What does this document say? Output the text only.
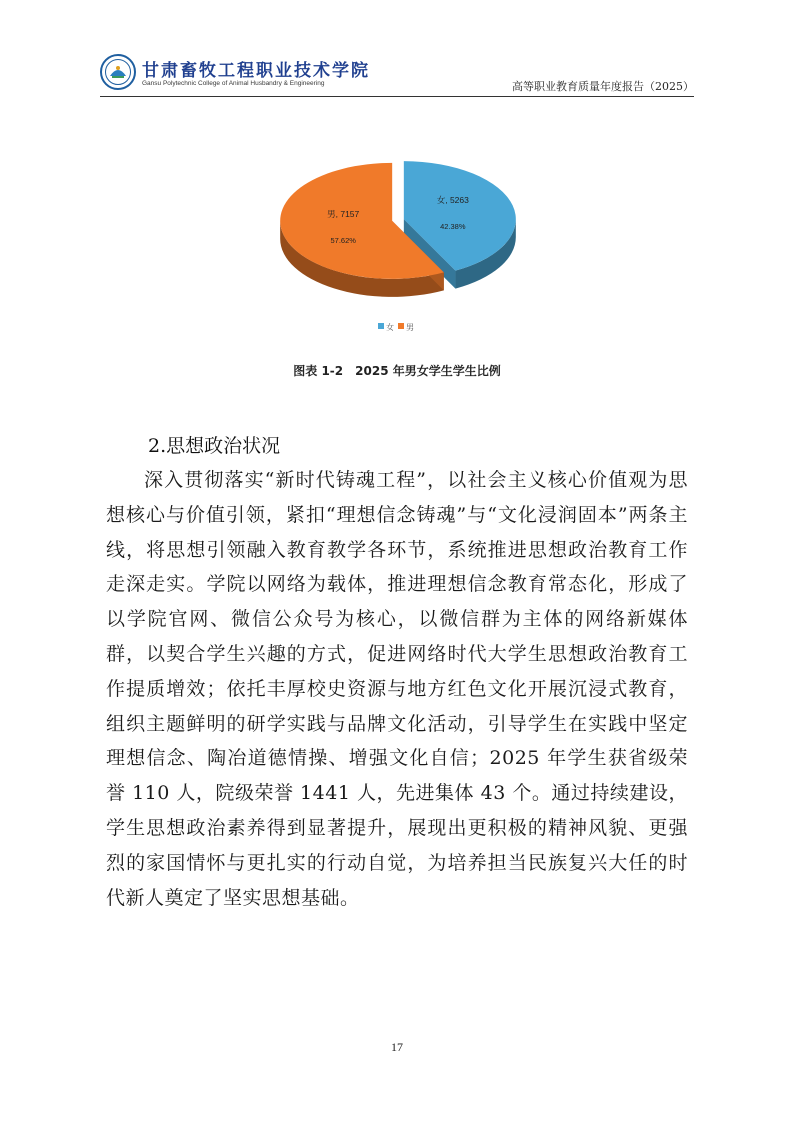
甘肃畜牧工程职业技术学院
Gansu Polytechnic College of Animal Husbandry & Engineering	高等职业教育质量年度报告（2025）
女, 5263
42.38%
男, 7157
57.62%
女 男
图表 1-2　2025 年男女学生学生比例
2.思想政治状况

深入贯彻落实“新时代铸魂工程”，以社会主义核心价值观为思想核心与价值引领，紧扣“理想信念铸魂”与“文化浸润固本”两条主线，将思想引领融入教育教学各环节，系统推进思想政治教育工作走深走实。学院以网络为载体，推进理想信念教育常态化，形成了以学院官网、微信公众号为核心，以微信群为主体的网络新媒体群，以契合学生兴趣的方式，促进网络时代大学生思想政治教育工作提质增效；依托丰厚校史资源与地方红色文化开展沉浸式教育，组织主题鲜明的研学实践与品牌文化活动，引导学生在实践中坚定理想信念、陶冶道德情操、增强文化自信；2025 年学生获省级荣誉 110 人，院级荣誉 1441 人，先进集体 43 个。通过持续建设，学生思想政治素养得到显著提升，展现出更积极的精神风貌、更强烈的家国情怀与更扎实的行动自觉，为培养担当民族复兴大任的时代新人奠定了坚实思想基础。

17
